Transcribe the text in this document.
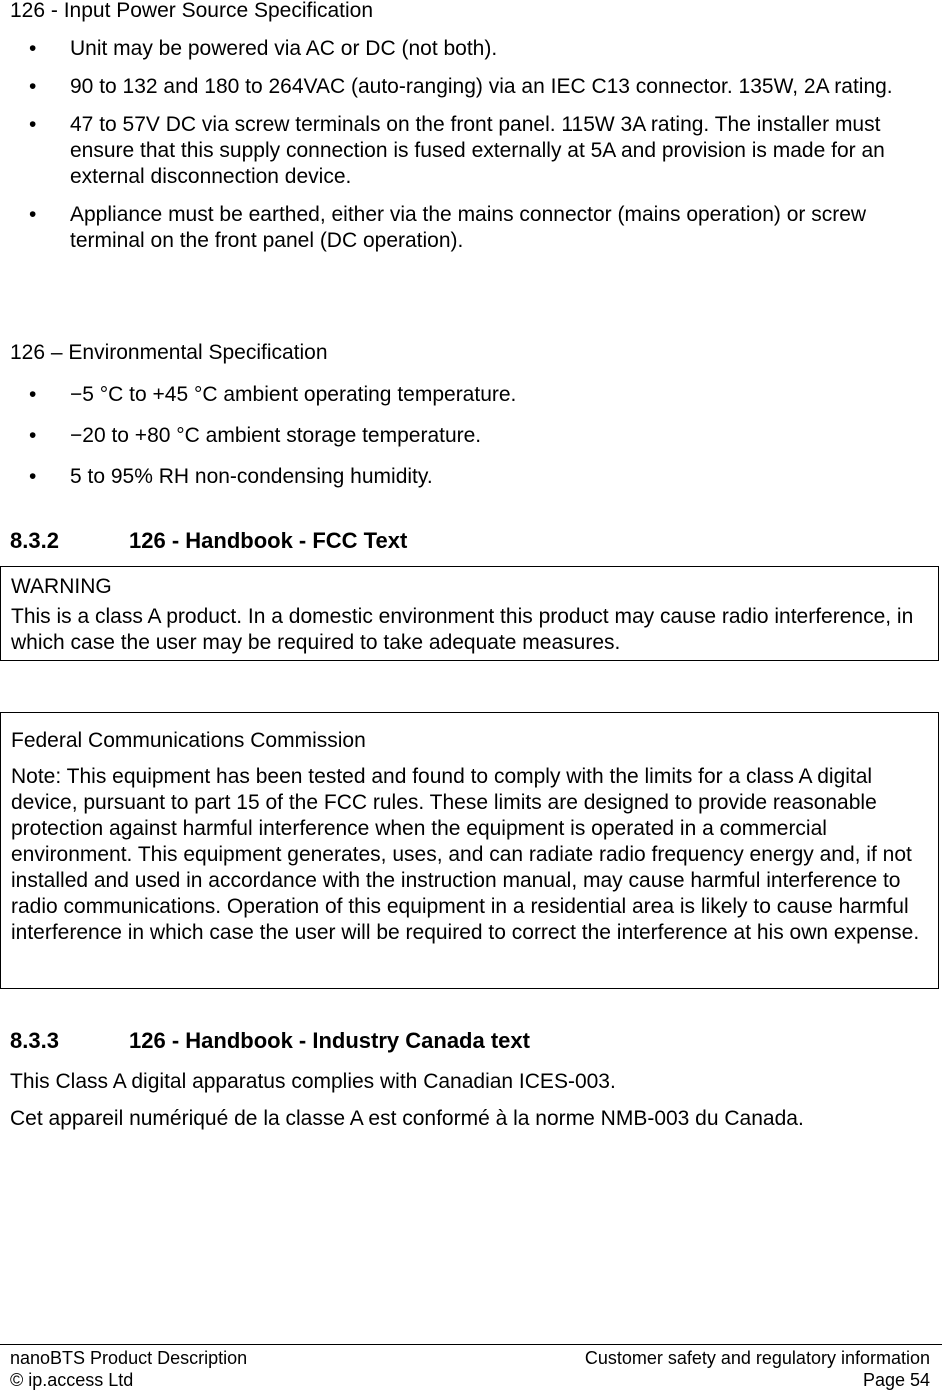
126 - Input Power Source Specification

• Unit may be powered via AC or DC (not both).
• 90 to 132 and 180 to 264VAC (auto-ranging) via an IEC C13 connector. 135W, 2A rating.
• 47 to 57V DC via screw terminals on the front panel. 115W 3A rating. The installer must ensure that this supply connection is fused externally at 5A and provision is made for an external disconnection device.
• Appliance must be earthed, either via the mains connector (mains operation) or screw terminal on the front panel (DC operation).

126 – Environmental Specification

• −5 °C to +45 °C ambient operating temperature.
• −20 to +80 °C ambient storage temperature.
• 5 to 95% RH non-condensing humidity.
8.3.2	126 - Handbook - FCC Text
WARNING
This is a class A product. In a domestic environment this product may cause radio interference, in which case the user may be required to take adequate measures.
Federal Communications Commission
Note: This equipment has been tested and found to comply with the limits for a class A digital device, pursuant to part 15 of the FCC rules. These limits are designed to provide reasonable protection against harmful interference when the equipment is operated in a commercial environment. This equipment generates, uses, and can radiate radio frequency energy and, if not installed and used in accordance with the instruction manual, may cause harmful interference to radio communications. Operation of this equipment in a residential area is likely to cause harmful interference in which case the user will be required to correct the interference at his own expense.
8.3.3	126 - Handbook - Industry Canada text
This Class A digital apparatus complies with Canadian ICES-003.
Cet appareil numériqué de la classe A est conformé à la norme NMB-003 du Canada.
nanoBTS Product Description	Customer safety and regulatory information
© ip.access Ltd	Page 54
